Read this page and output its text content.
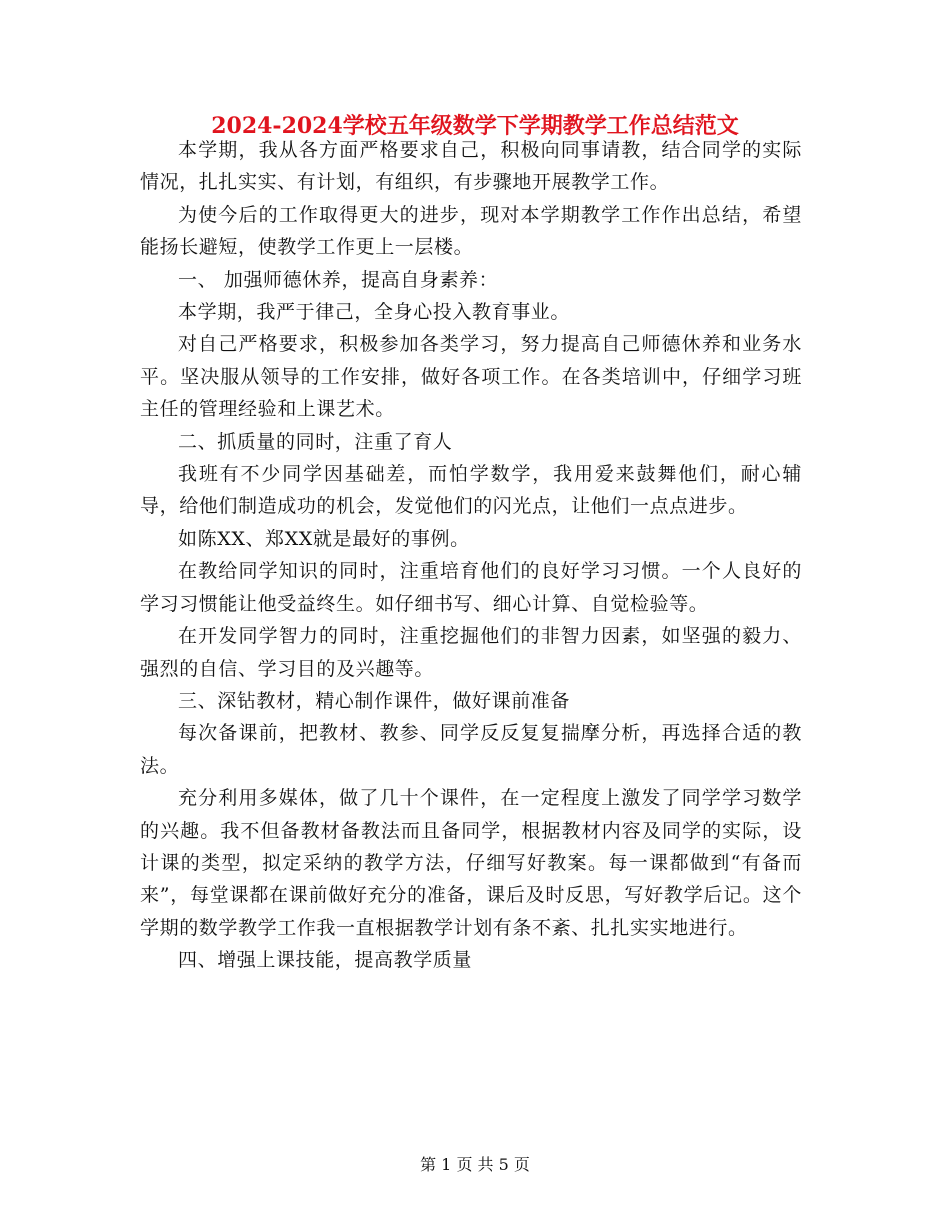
2024-2024学校五年级数学下学期教学工作总结范文

本学期，我从各方面严格要求自己，积极向同事请教，结合同学的实际情况，扎扎实实、有计划，有组织，有步骤地开展教学工作。

为使今后的工作取得更大的进步，现对本学期教学工作作出总结，希望能扬长避短，使教学工作更上一层楼。

一、 加强师德休养，提高自身素养：

本学期，我严于律己，全身心投入教育事业。

对自己严格要求，积极参加各类学习，努力提高自己师德休养和业务水平。坚决服从领导的工作安排，做好各项工作。在各类培训中，仔细学习班主任的管理经验和上课艺术。

二、抓质量的同时，注重了育人

我班有不少同学因基础差，而怕学数学，我用爱来鼓舞他们，耐心辅导，给他们制造成功的机会，发觉他们的闪光点，让他们一点点进步。

如陈XX、郑XX就是最好的事例。

在教给同学知识的同时，注重培育他们的良好学习习惯。一个人良好的学习习惯能让他受益终生。如仔细书写、细心计算、自觉检验等。

在开发同学智力的同时，注重挖掘他们的非智力因素，如坚强的毅力、强烈的自信、学习目的及兴趣等。

三、深钻教材，精心制作课件，做好课前准备

每次备课前，把教材、教参、同学反反复复揣摩分析，再选择合适的教法。

充分利用多媒体，做了几十个课件，在一定程度上激发了同学学习数学的兴趣。我不但备教材备教法而且备同学，根据教材内容及同学的实际，设计课的类型，拟定采纳的教学方法，仔细写好教案。每一课都做到“有备而来”，每堂课都在课前做好充分的准备，课后及时反思，写好教学后记。这个学期的数学教学工作我一直根据教学计划有条不紊、扎扎实实地进行。

四、增强上课技能，提高教学质量

第 1 页 共 5 页
